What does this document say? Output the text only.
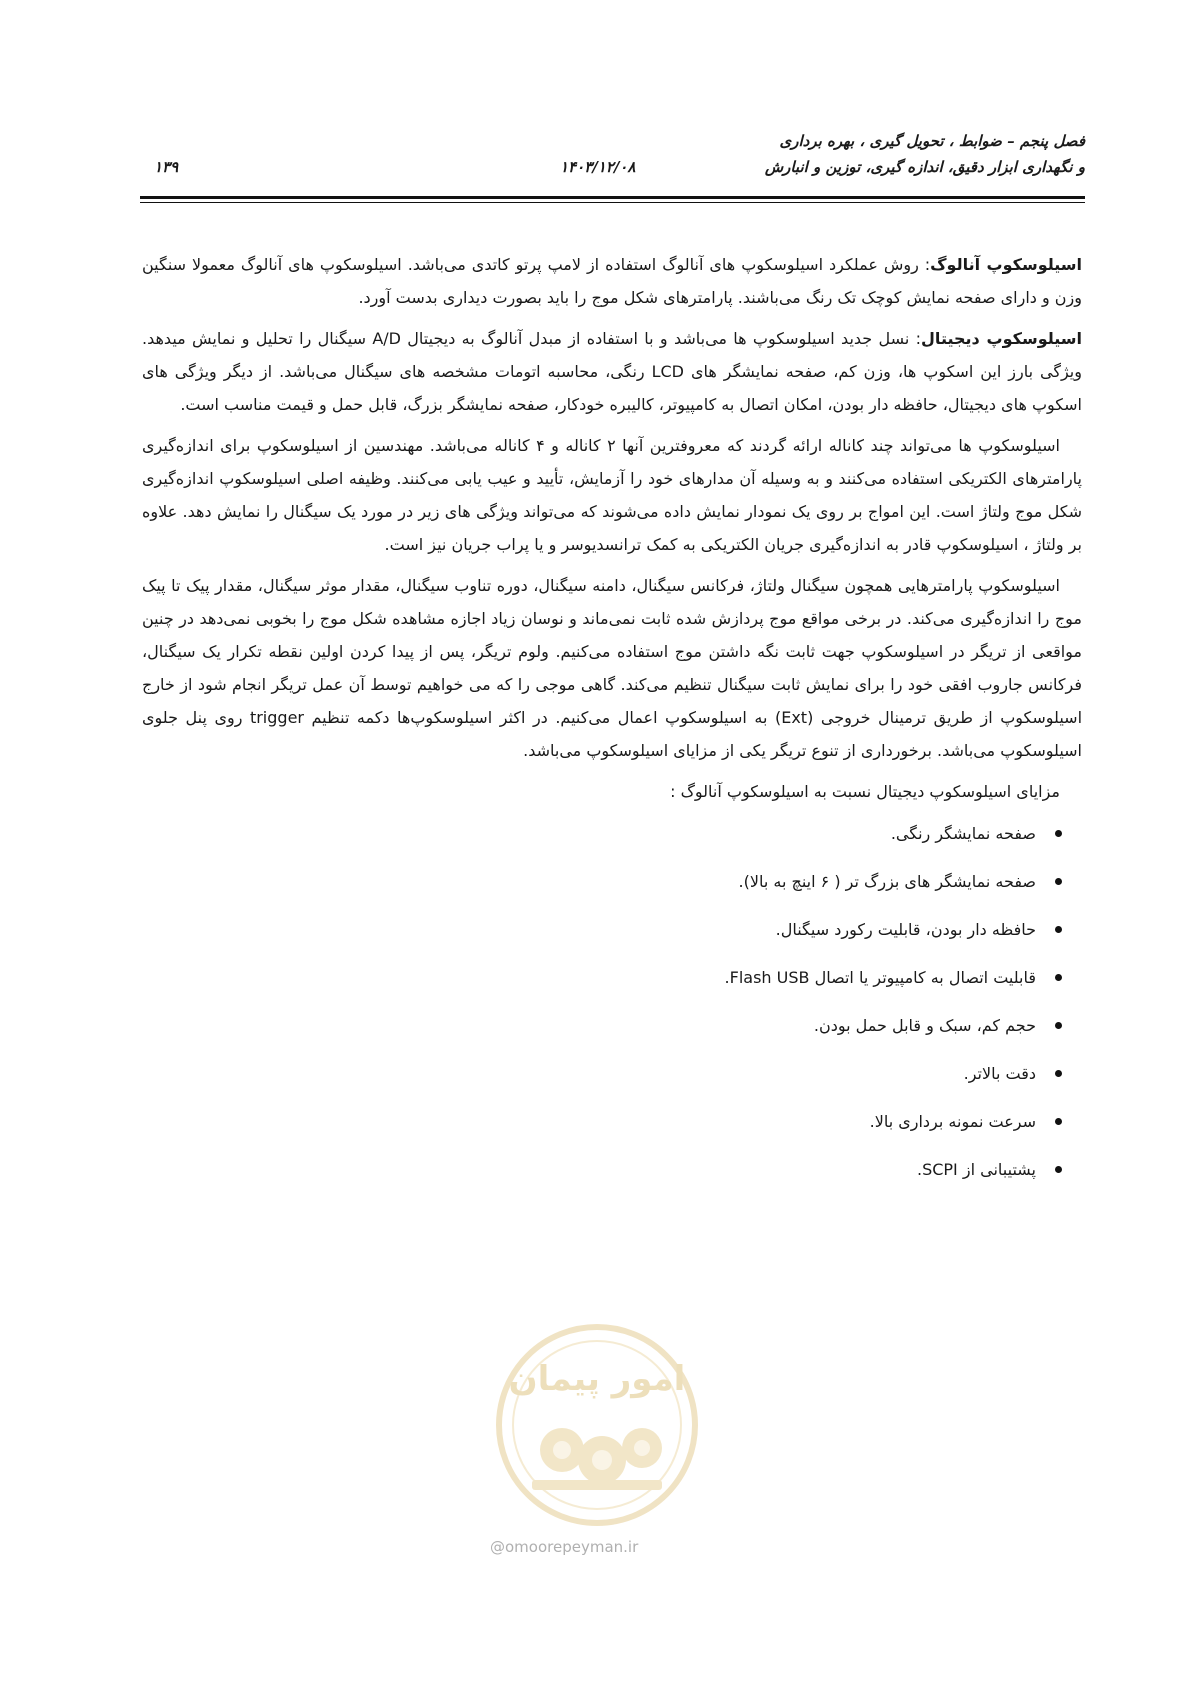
فصل پنجم – ضوابط ، تحویل گیری ، بهره برداری
و نگهداری ابزار دقیق، اندازه گیری، توزین و انبارش
۱۴۰۳/۱۲/۰۸
۱۳۹

اسیلوسکوپ آنالوگ: روش عملکرد اسیلوسکوپ های آنالوگ استفاده از لامپ پرتو کاتدی می‌باشد. اسیلوسکوپ های آنالوگ معمولا سنگین وزن و دارای صفحه نمایش کوچک تک رنگ می‌باشند. پارامترهای شکل موج را باید بصورت دیداری بدست آورد.

اسیلوسکوپ دیجیتال: نسل جدید اسیلوسکوپ ها می‌باشد و با استفاده از مبدل آنالوگ به دیجیتال A/D سیگنال را تحلیل و نمایش میدهد. ویژگی بارز این اسکوپ ها، وزن کم، صفحه نمایشگر های LCD رنگی، محاسبه اتومات مشخصه های سیگنال می‌باشد. از دیگر ویژگی های اسکوپ های دیجیتال، حافظه دار بودن، امکان اتصال به کامپیوتر، کالیبره خودکار، صفحه نمایشگر بزرگ، قابل حمل و قیمت مناسب است.

اسیلوسکوپ ها می‌تواند چند کاناله ارائه گردند که معروفترین آنها ۲ کاناله و ۴ کاناله می‌باشد. مهندسین از اسیلوسکوپ برای اندازه‌گیری پارامترهای الکتریکی استفاده می‌کنند و به وسیله آن مدارهای خود را آزمایش، تأیید و عیب یابی می‌کنند. وظیفه اصلی اسیلوسکوپ اندازه‌گیری شکل موج ولتاژ است. این امواج بر روی یک نمودار نمایش داده می‌شوند که می‌تواند ویژگی های زیر در مورد یک سیگنال را نمایش دهد. علاوه بر ولتاژ ، اسیلوسکوپ قادر به اندازه‌گیری جریان الکتریکی به کمک ترانسدیوسر و یا پراب جریان نیز است.

اسیلوسکوپ پارامترهایی همچون سیگنال ولتاژ، فرکانس سیگنال، دامنه سیگنال، دوره تناوب سیگنال، مقدار موثر سیگنال، مقدار پیک تا پیک موج را اندازه‌گیری می‌کند. در برخی مواقع موج پردازش شده ثابت نمی‌ماند و نوسان زیاد اجازه مشاهده شکل موج را بخوبی نمی‌دهد در چنین مواقعی از تریگر در اسیلوسکوپ جهت ثابت نگه داشتن موج استفاده می‌کنیم. ولوم تریگر، پس از پیدا کردن اولین نقطه تکرار یک سیگنال، فرکانس جاروب افقی خود را برای نمایش ثابت سیگنال تنظیم می‌کند. گاهی موجی را که می خواهیم توسط آن عمل تریگر انجام شود از خارج اسیلوسکوپ از طریق ترمینال خروجی (Ext) به اسیلوسکوپ اعمال می‌کنیم. در اکثر اسیلوسکوپ‌ها دکمه تنظیم trigger روی پنل جلوی اسیلوسکوپ می‌باشد. برخورداری از تنوع تریگر یکی از مزایای اسیلوسکوپ می‌باشد.

مزایای اسیلوسکوپ دیجیتال نسبت به اسیلوسکوپ آنالوگ :
صفحه نمایشگر رنگی.
صفحه نمایشگر های بزرگ تر ( ۶ اینچ به بالا).
حافظه دار بودن، قابلیت رکورد سیگنال.
قابلیت اتصال به کامپیوتر یا اتصال Flash USB.
حجم کم، سبک و قابل حمل بودن.
دقت بالاتر.
سرعت نمونه برداری بالا.
پشتیبانی از SCPI.
امور پیمان
@omoorepeyman.ir
